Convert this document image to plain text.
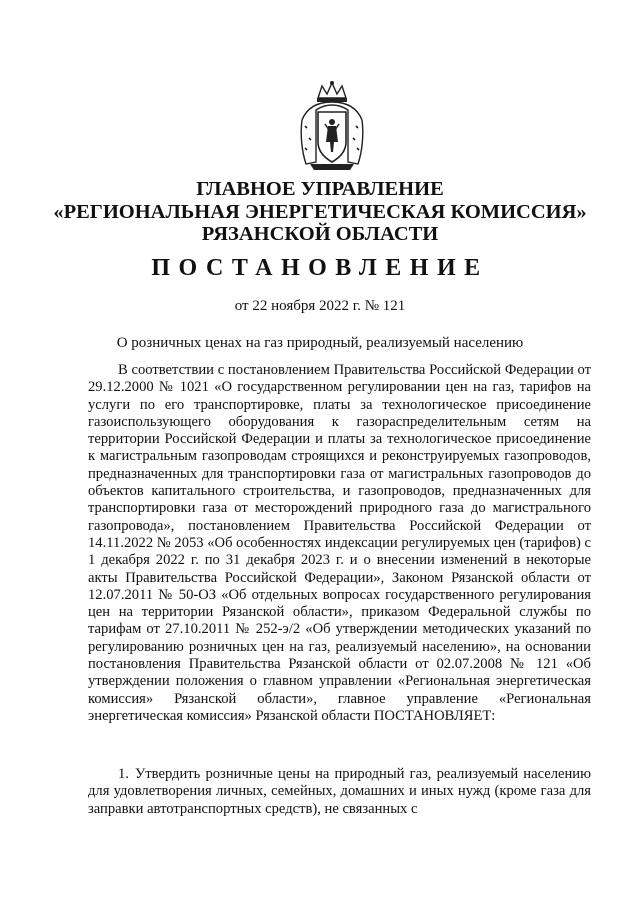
ГЛАВНОЕ УПРАВЛЕНИЕ
«РЕГИОНАЛЬНАЯ ЭНЕРГЕТИЧЕСКАЯ КОМИССИЯ»
РЯЗАНСКОЙ ОБЛАСТИ
ПОСТАНОВЛЕНИЕ
от 22 ноября 2022 г. № 121
О розничных ценах на газ природный, реализуемый населению
В соответствии с постановлением Правительства Российской Федерации от 29.12.2000 № 1021 «О государственном регулировании цен на газ, тарифов на услуги по его транспортировке, платы за технологическое присоединение газоиспользующего оборудования к газораспределительным сетям на территории Российской Федерации и платы за технологическое присоединение к магистральным газопроводам строящихся и реконструируемых газопроводов, предназначенных для транспортировки газа от магистральных газопроводов до объектов капитального строительства, и газопроводов, предназначенных для транспортировки газа от месторождений природного газа до магистрального газопровода», постановлением Правительства Российской Федерации от 14.11.2022 № 2053 «Об особенностях индексации регулируемых цен (тарифов) с 1 декабря 2022 г. по 31 декабря 2023 г. и о внесении изменений в некоторые акты Правительства Российской Федерации», Законом Рязанской области от 12.07.2011 № 50-ОЗ «Об отдельных вопросах государственного регулирования цен на территории Рязанской области», приказом Федеральной службы по тарифам от 27.10.2011 № 252-э/2 «Об утверждении методических указаний по регулированию розничных цен на газ, реализуемый населению», на основании постановления Правительства Рязанской области от 02.07.2008 № 121 «Об утверждении положения о главном управлении «Региональная энергетическая комиссия» Рязанской области», главное управление «Региональная энергетическая комиссия» Рязанской области ПОСТАНОВЛЯЕТ:
1. Утвердить розничные цены на природный газ, реализуемый населению для удовлетворения личных, семейных, домашних и иных нужд (кроме газа для заправки автотранспортных средств), не связанных с
